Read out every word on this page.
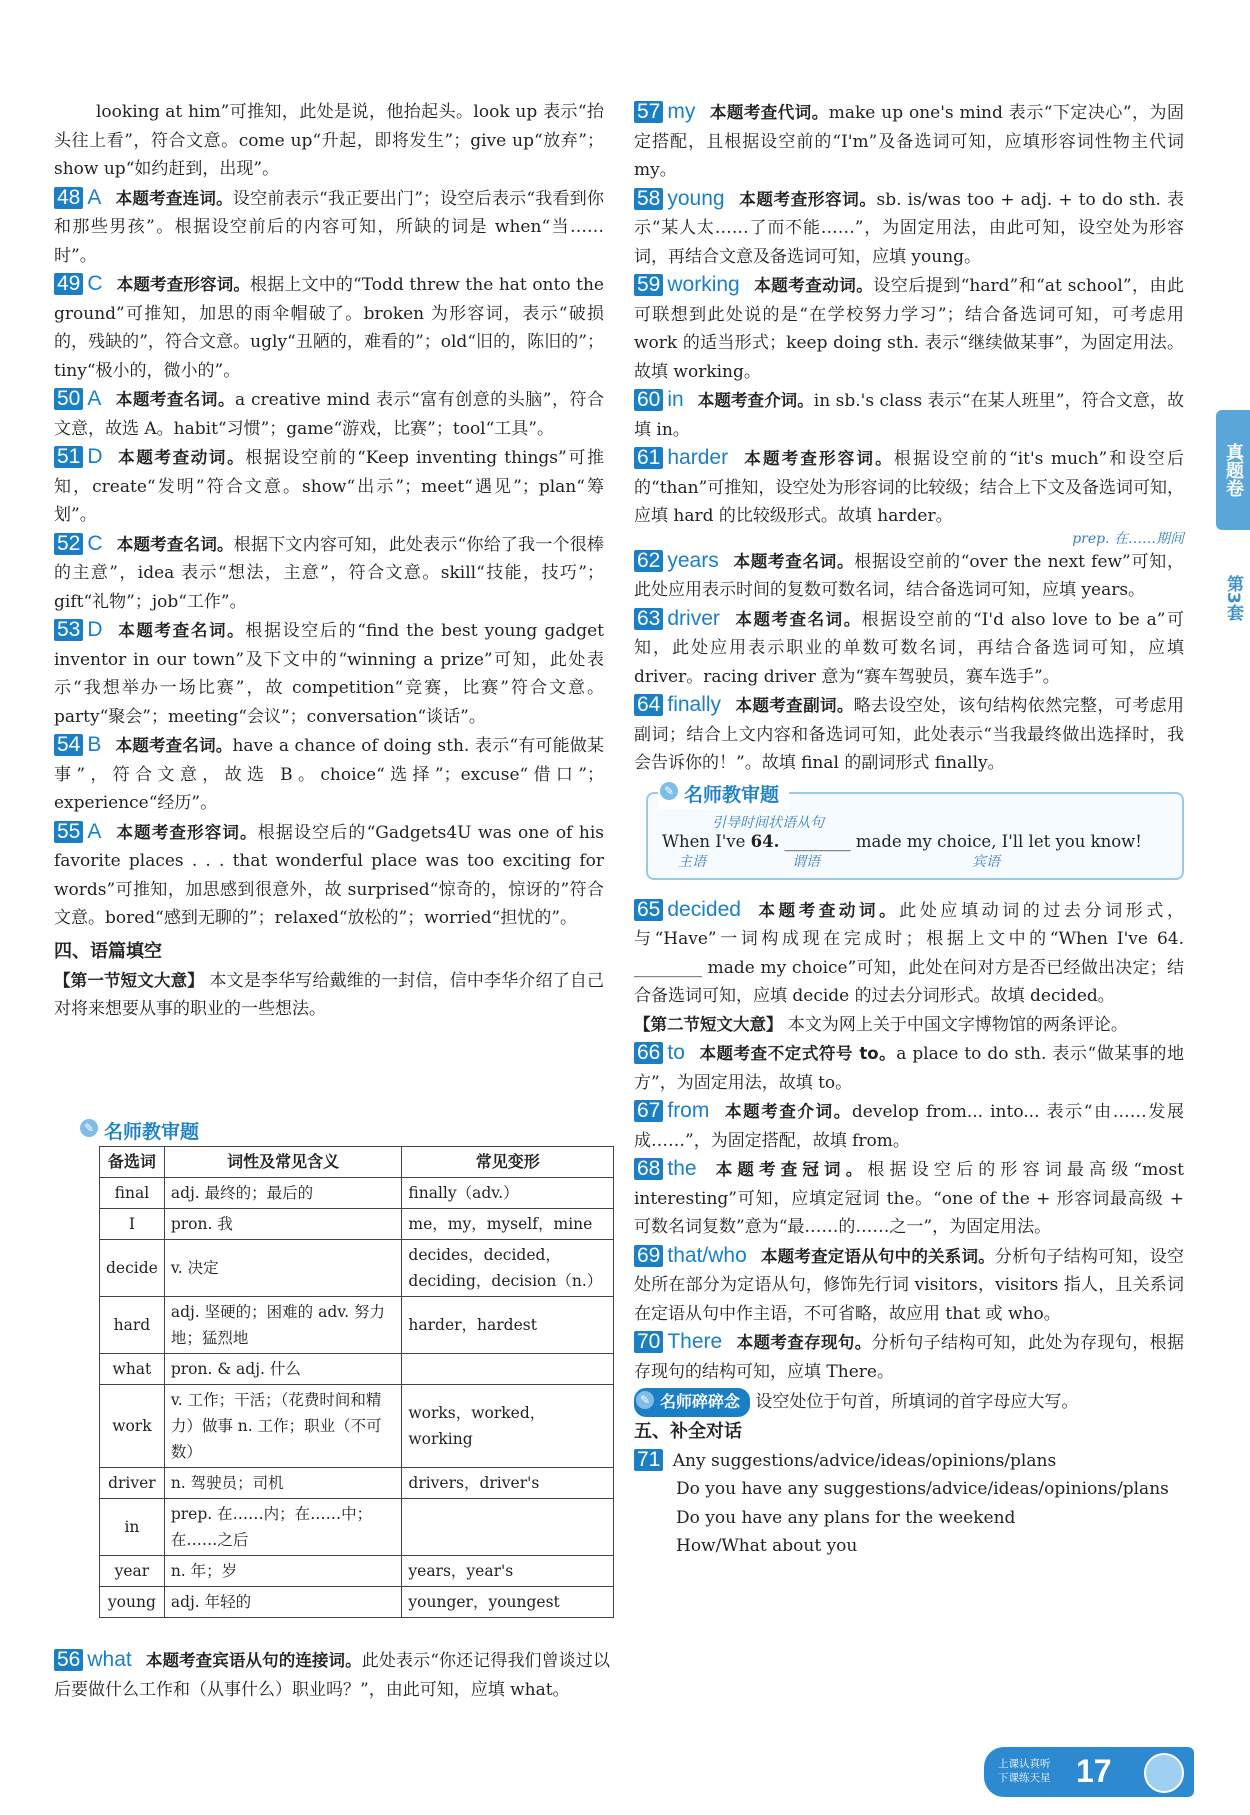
looking at him”可推知，此处是说，他抬起头。look up 表示“抬头往上看”，符合文意。come up“升起，即将发生”；give up“放弃”；show up“如约赶到，出现”。

48 A 本题考查连词。设空前表示“我正要出门”；设空后表示“我看到你和那些男孩”。根据设空前后的内容可知，所缺的词是 when“当……时”。

49 C 本题考查形容词。根据上文中的“Todd threw the hat onto the ground”可推知，加思的雨伞帽破了。broken 为形容词，表示“破损的，残缺的”，符合文意。ugly“丑陋的，难看的”；old“旧的，陈旧的”；tiny“极小的，微小的”。

50 A 本题考查名词。a creative mind 表示“富有创意的头脑”，符合文意，故选 A。habit“习惯”；game“游戏，比赛”；tool“工具”。

51 D 本题考查动词。根据设空前的“Keep inventing things”可推知，create“发明”符合文意。show“出示”；meet“遇见”；plan“筹划”。

52 C 本题考查名词。根据下文内容可知，此处表示“你给了我一个很棒的主意”，idea 表示“想法，主意”，符合文意。skill“技能，技巧”；gift“礼物”；job“工作”。

53 D 本题考查名词。根据设空后的“find the best young gadget inventor in our town”及下文中的“winning a prize”可知，此处表示“我想举办一场比赛”，故 competition“竞赛，比赛”符合文意。party“聚会”；meeting“会议”；conversation“谈话”。

54 B 本题考查名词。have a chance of doing sth. 表示“有可能做某事”，符合文意，故选 B。choice“选择”；excuse“借口”；experience“经历”。

55 A 本题考查形容词。根据设空后的“Gadgets4U was one of his favorite places . . . that wonderful place was too exciting for words”可推知，加思感到很意外，故 surprised“惊奇的，惊讶的”符合文意。bored“感到无聊的”；relaxed“放松的”；worried“担忧的”。

四、语篇填空

【第一节短文大意】 本文是李华写给戴维的一封信，信中李华介绍了自己对将来想要从事的职业的一些想法。

✎ 名师教审题
备选词	词性及常见含义	常见变形
final	adj. 最终的；最后的	finally（adv.）
I	pron. 我	me，my，myself，mine
decide	v. 决定	decides，decided，deciding，decision（n.）
hard	adj. 坚硬的；困难的 adv. 努力地；猛烈地	harder，hardest
what	pron. & adj. 什么	
work	v. 工作；干活；（花费时间和精力）做事 n. 工作；职业（不可数）	works，worked，working
driver	n. 驾驶员；司机	drivers，driver's
in	prep. 在……内；在……中；在……之后	
year	n. 年；岁	years，year's
young	adj. 年轻的	younger，youngest

56 what 本题考查宾语从句的连接词。此处表示“你还记得我们曾谈过以后要做什么工作和（从事什么）职业吗？”，由此可知，应填 what。

57 my 本题考查代词。make up one's mind 表示“下定决心”，为固定搭配，且根据设空前的“I'm”及备选词可知，应填形容词性物主代词 my。

58 young 本题考查形容词。sb. is/was too + adj. + to do sth. 表示“某人太……了而不能……”，为固定用法，由此可知，设空处为形容词，再结合文意及备选词可知，应填 young。

59 working 本题考查动词。设空后提到“hard”和“at school”，由此可联想到此处说的是“在学校努力学习”；结合备选词可知，可考虑用 work 的适当形式；keep doing sth. 表示“继续做某事”，为固定用法。故填 working。

60 in 本题考查介词。in sb.'s class 表示“在某人班里”，符合文意，故填 in。

61 harder 本题考查形容词。根据设空前的“it's much”和设空后的“than”可推知，设空处为形容词的比较级；结合上下文及备选词可知，应填 hard 的比较级形式。故填 harder。

prep. 在……期间

62 years 本题考查名词。根据设空前的“over the next few”可知，此处应用表示时间的复数可数名词，结合备选词可知，应填 years。

63 driver 本题考查名词。根据设空前的“I'd also love to be a”可知，此处应用表示职业的单数可数名词，再结合备选词可知，应填 driver。racing driver 意为“赛车驾驶员，赛车选手”。

64 finally 本题考查副词。略去设空处，该句结构依然完整，可考虑用副词；结合上文内容和备选词可知，此处表示“当我最终做出选择时，我会告诉你的！”。故填 final 的副词形式 finally。

✎ 名师教审题
引导时间状语从句
When I've 64. ________ made my choice, I'll let you know!
主语	谓语	宾语

65 decided 本题考查动词。此处应填动词的过去分词形式，与“Have”一词构成现在完成时；根据上文中的“When I've 64. ________ made my choice”可知，此处在问对方是否已经做出决定；结合备选词可知，应填 decide 的过去分词形式。故填 decided。

【第二节短文大意】 本文为网上关于中国文字博物馆的两条评论。

66 to 本题考查不定式符号 to。a place to do sth. 表示“做某事的地方”，为固定用法，故填 to。

67 from 本题考查介词。develop from... into... 表示“由……发展成……”，为固定搭配，故填 from。

68 the 本题考查冠词。根据设空后的形容词最高级“most interesting”可知，应填定冠词 the。“one of the + 形容词最高级 + 可数名词复数”意为“最……的……之一”，为固定用法。

69 that/who 本题考查定语从句中的关系词。分析句子结构可知，设空处所在部分为定语从句，修饰先行词 visitors，visitors 指人，且关系词在定语从句中作主语，不可省略，故应用 that 或 who。

70 There 本题考查存现句。分析句子结构可知，此处为存现句，根据存现句的结构可知，应填 There。

✎ 名师碎碎念 设空处位于句首，所填词的首字母应大写。

五、补全对话

71 Any suggestions/advice/ideas/opinions/plans
Do you have any suggestions/advice/ideas/opinions/plans
Do you have any plans for the weekend
How/What about you
真题卷
第3套
上课认真听
下课练天星 17
